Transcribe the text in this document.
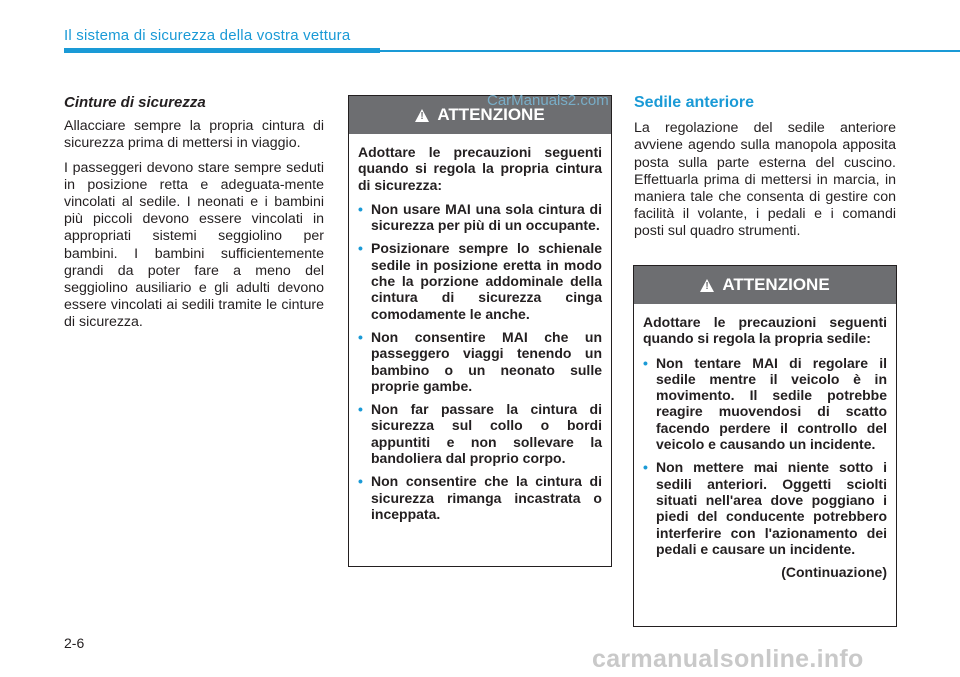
Il sistema di sicurezza della vostra vettura

Cinture di sicurezza

Allacciare sempre la propria cintura di sicurezza prima di mettersi in viaggio.

I passeggeri devono stare sempre seduti in posizione retta e adeguata-mente vincolati al sedile. I neonati e i bambini più piccoli devono essere vincolati in appropriati sistemi seggiolino per bambini. I bambini sufficientemente grandi da poter fare a meno del seggiolino ausiliario e gli adulti devono essere vincolati ai sedili tramite le cinture di sicurezza.

!
ATTENZIONE

Adottare le precauzioni seguenti quando si regola la propria cintura di sicurezza:

• Non usare MAI una sola cintura di sicurezza per più di un occupante.
• Posizionare sempre lo schienale sedile in posizione eretta in modo che la porzione addominale della cintura di sicurezza cinga comodamente le anche.
• Non consentire MAI che un passeggero viaggi tenendo un bambino o un neonato sulle proprie gambe.
• Non far passare la cintura di sicurezza sul collo o bordi appuntiti e non sollevare la bandoliera dal proprio corpo.
• Non consentire che la cintura di sicurezza rimanga incastrata o inceppata.
CarManuals2.com Sedile anteriore

La regolazione del sedile anteriore avviene agendo sulla manopola apposita posta sulla parte esterna del cuscino. Effettuarla prima di mettersi in marcia, in maniera tale che consenta di gestire con facilità il volante, i pedali e i comandi posti sul quadro strumenti.

!
ATTENZIONE

Adottare le precauzioni seguenti quando si regola la propria sedile:

• Non tentare MAI di regolare il sedile mentre il veicolo è in movimento. Il sedile potrebbe reagire muovendosi di scatto facendo perdere il controllo del veicolo e causando un incidente.
• Non mettere mai niente sotto i sedili anteriori. Oggetti sciolti situati nell'area dove poggiano i piedi del conducente potrebbero interferire con l'azionamento dei pedali e causare un incidente.
(Continuazione)
2-6
carmanualsonline.info
